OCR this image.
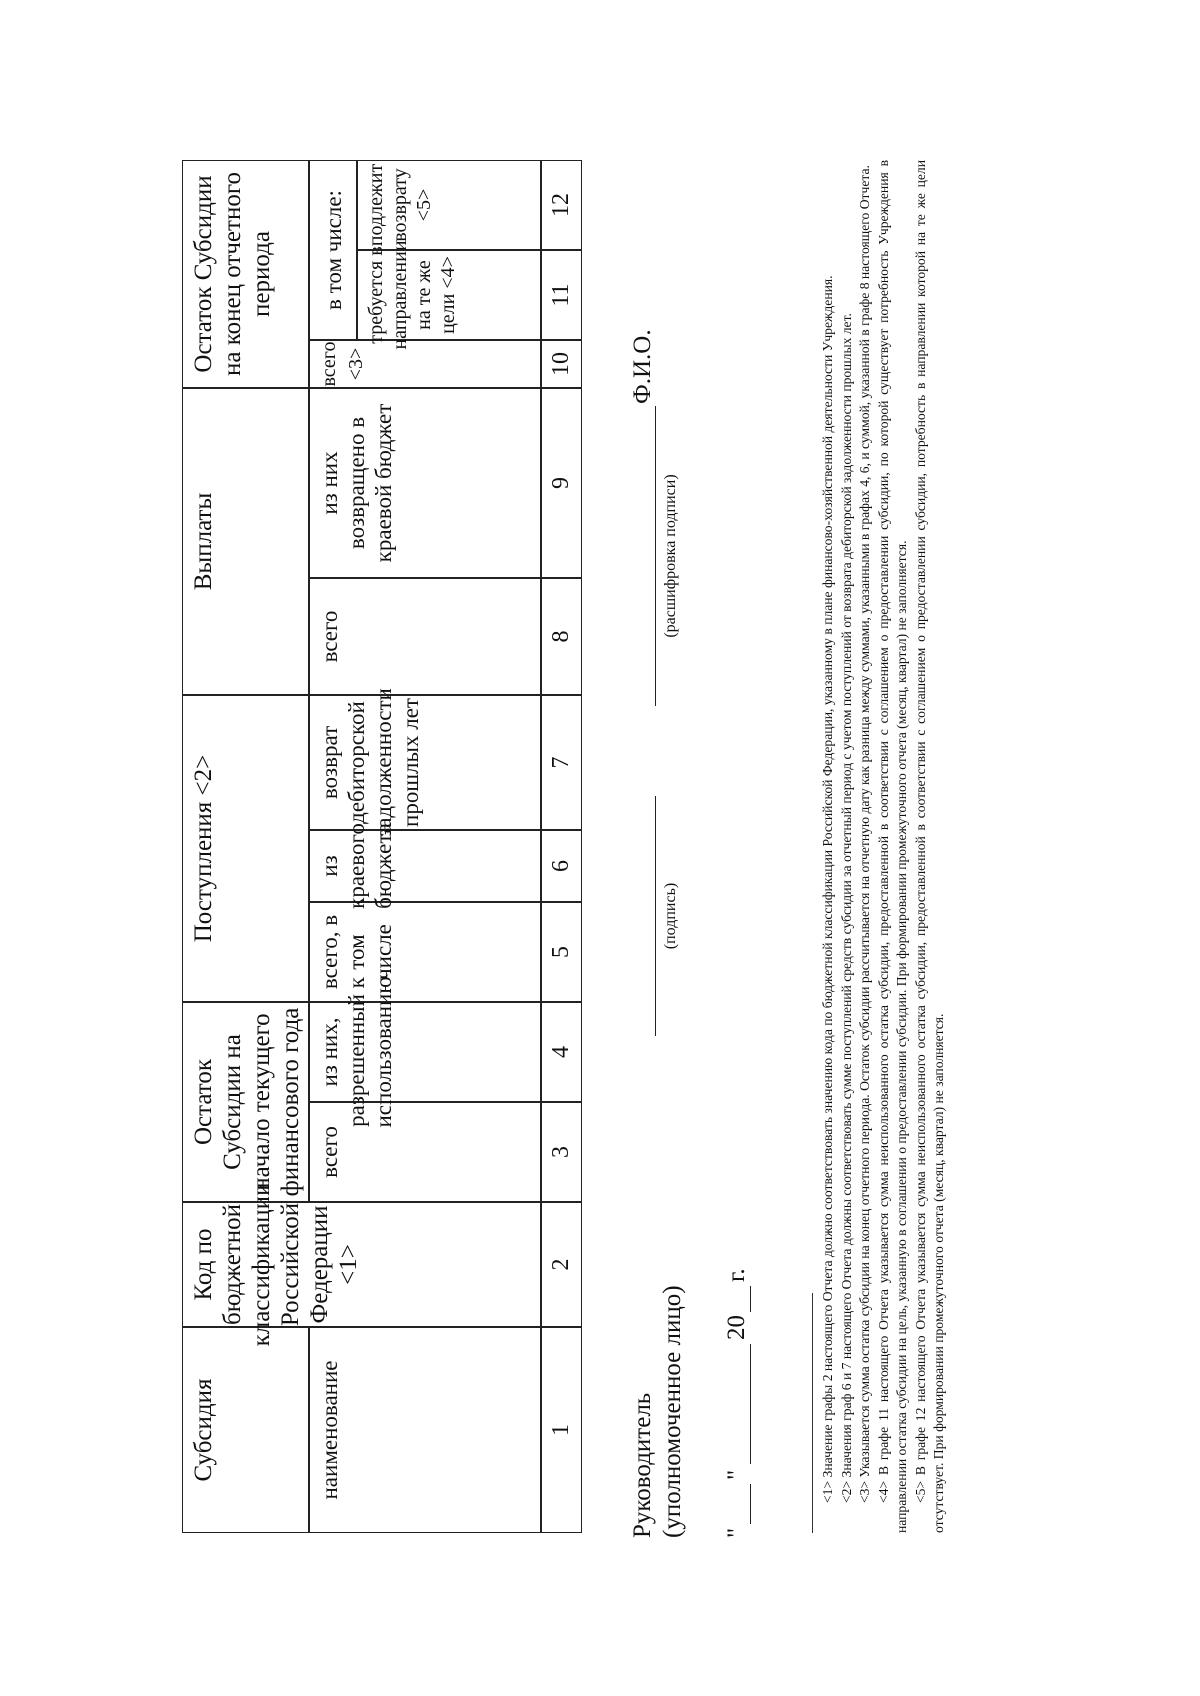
Субсидия	наименование
Код по бюджетной классификации Российской Федерации <1>
Остаток Субсидии на начало текущего финансового года всего
из них, разрешенный к использованию
Поступления <2>
всего, в том числе
из краевого бюджета
возврат дебиторской задолженности прошлых лет
Выплаты
всего
из них возвращено в краевой бюджет
Остаток Субсидии на конец отчетного периода
всего <3>
в том числе: требуется в направлении на те же цели <4>
подлежит возврату <5>
1
2
3
4
5
6
7
8
9
10
11
12
Руководитель (уполномоченное лицо)
(подпись)
(расшифровка подписи)
Ф.И.О.
"
"
20
г.	<1> Значение графы 2 настоящего Отчета должно соответствовать значению кода по бюджетной классификации Российской Федерации, указанному в плане финансово-хозяйственной деятельности Учреждения. <2> Значения граф 6 и 7 настоящего Отчета должны соответствовать сумме поступлений средств субсидии за отчетный период с учетом поступлений от возврата дебиторской задолженности прошлых лет. <3> Указывается сумма остатка субсидии на конец отчетного периода. Остаток субсидии рассчитывается на отчетную дату как разница между суммами, указанными в графах 4, 6, и суммой, указанной в графе 8 настоящего Отчета. <4> В графе 11 настоящего Отчета указывается сумма неиспользованного остатка субсидии, предоставленной в соответствии с соглашением о предоставлении субсидии, по которой существует потребность Учреждения в направлении остатка субсидии на цель, указанную в соглашении о предоставлении субсидии. При формировании промежуточного отчета (месяц, квартал) не заполняется. <5> В графе 12 настоящего Отчета указывается сумма неиспользованного остатка субсидии, предоставленной в соответствии с соглашением о предоставлении субсидии, потребность в направлении которой на те же цели отсутствует. При формировании промежуточного отчета (месяц, квартал) не заполняется.
